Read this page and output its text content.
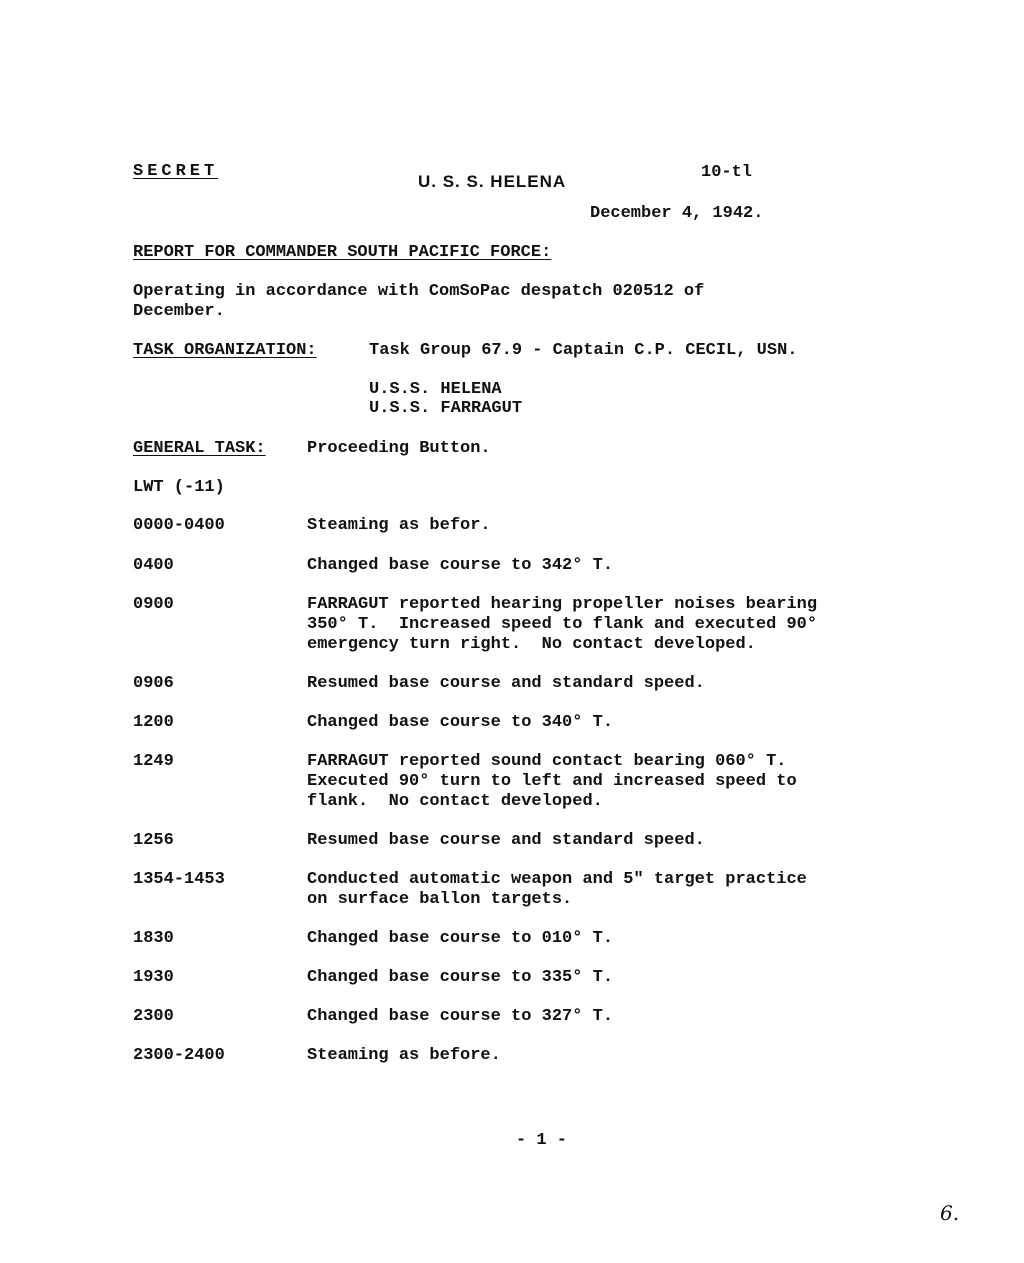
SECRET
U. S. S. HELENA	10-tl
December 4, 1942.
REPORT FOR COMMANDER SOUTH PACIFIC FORCE:
Operating in accordance with ComSoPac despatch 020512 of
December.
TASK ORGANIZATION:	Task Group 67.9 - Captain C.P. CECIL, USN.
U.S.S. HELENA
U.S.S. FARRAGUT
GENERAL TASK: Proceeding Button.
LWT (-11)
0000-0400	Steaming as befor.
0400	Changed base course to 342° T.
0900	FARRAGUT reported hearing propeller noises bearing
350° T.  Increased speed to flank and executed 90°
emergency turn right.  No contact developed.
0906	Resumed base course and standard speed.
1200	Changed base course to 340° T.
1249	FARRAGUT reported sound contact bearing 060° T.
Executed 90° turn to left and increased speed to
flank.  No contact developed.
1256	Resumed base course and standard speed.
1354-1453	Conducted automatic weapon and 5" target practice
on surface ballon targets.
1830	Changed base course to 010° T.
1930	Changed base course to 335° T.
2300	Changed base course to 327° T.
2300-2400	Steaming as before.
- 1 -
6.
